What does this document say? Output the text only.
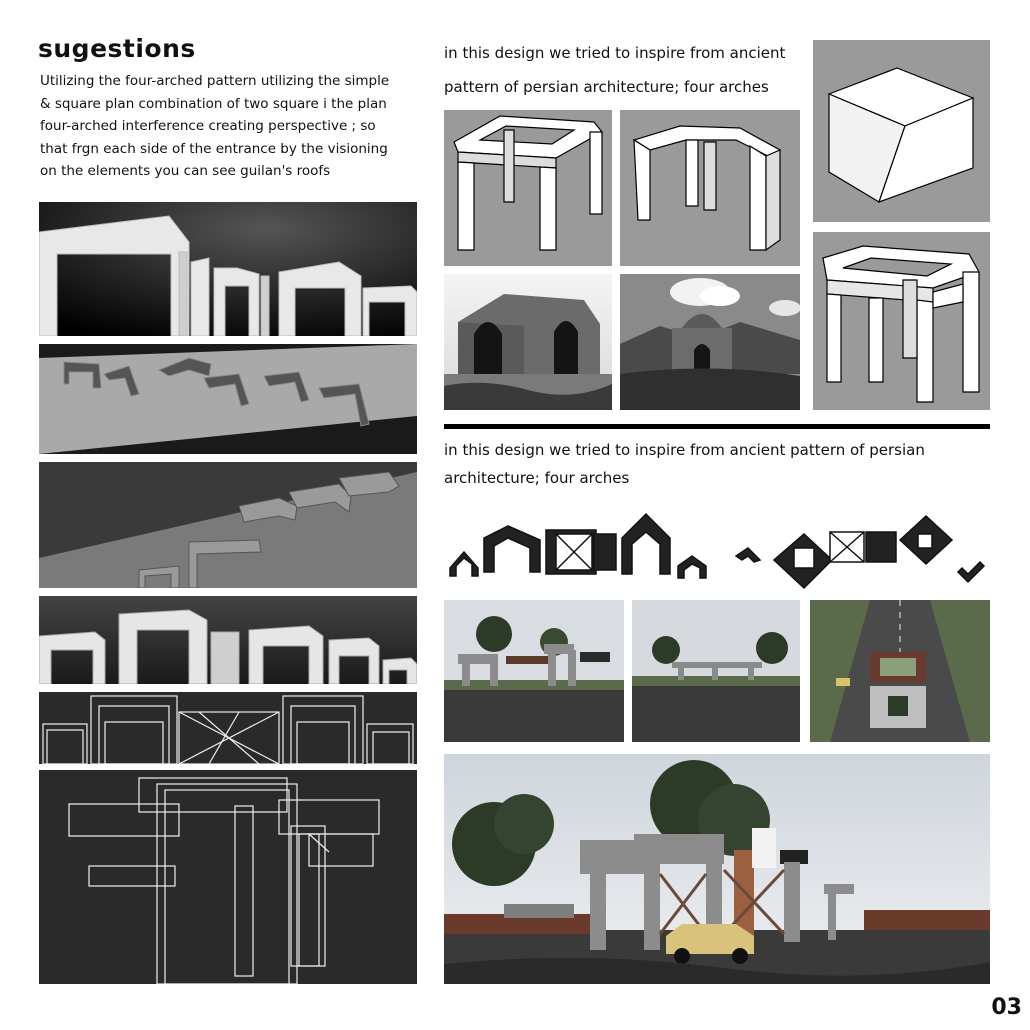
sugestions
Utilizing the four-arched pattern utilizing the simple
& square plan combination of two square i the plan
four-arched interference creating perspective ; so
that frgn each side of the entrance by the visioning
on the elements you can see guilan's roofs
in this design we tried to inspire from ancient
pattern of persian architecture; four arches
in this design we tried to inspire from ancient pattern of persian
architecture; four arches
03
